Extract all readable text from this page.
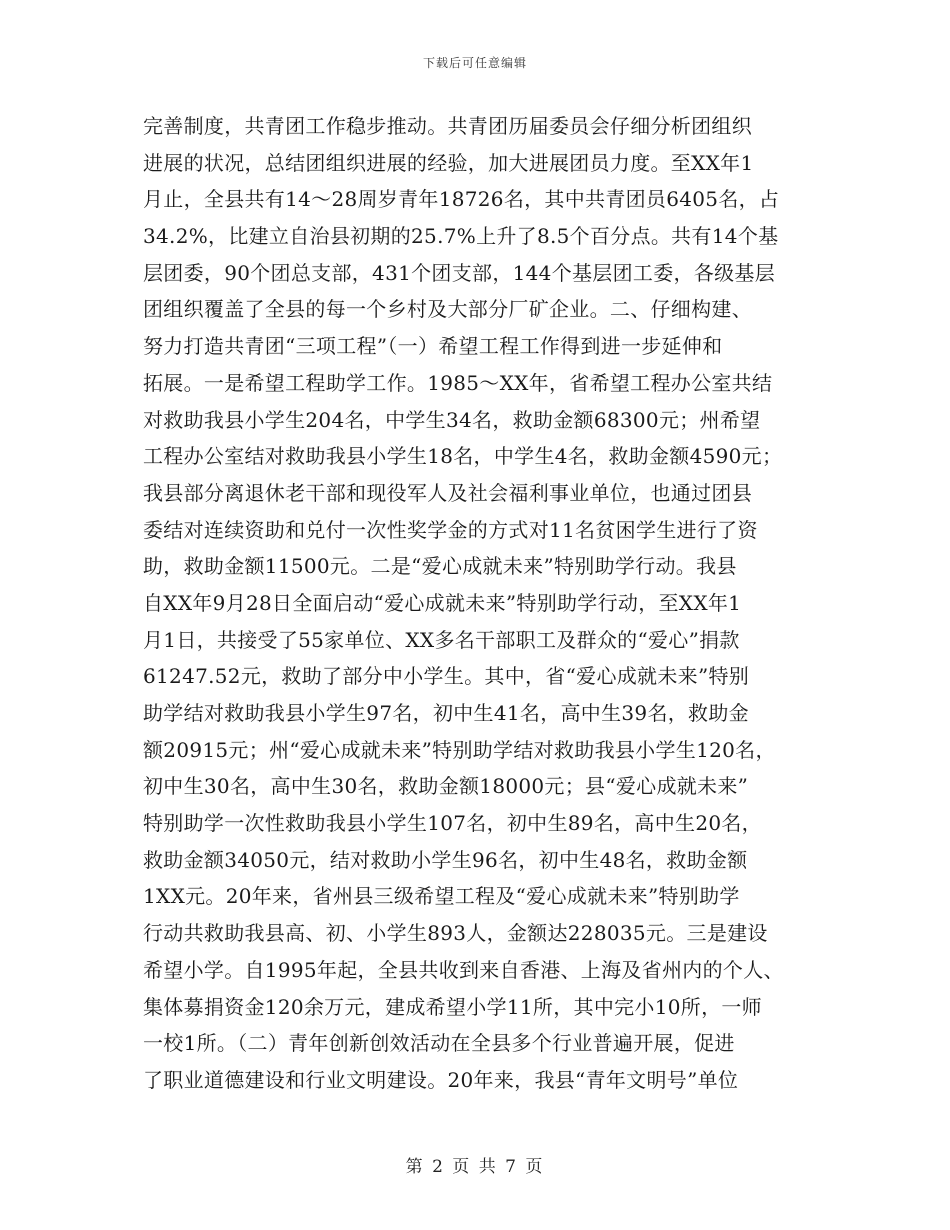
下载后可任意编辑
完善制度，共青团工作稳步推动。共青团历届委员会仔细分析团组织
进展的状况，总结团组织进展的经验，加大进展团员力度。至XX年1
月止，全县共有14～28周岁青年18726名，其中共青团员6405名，占
34.2%，比建立自治县初期的25.7%上升了8.5个百分点。共有14个基
层团委，90个团总支部，431个团支部，144个基层团工委，各级基层
团组织覆盖了全县的每一个乡村及大部分厂矿企业。二、仔细构建、
努力打造共青团“三项工程”（一）希望工程工作得到进一步延伸和
拓展。一是希望工程助学工作。1985～XX年，省希望工程办公室共结
对救助我县小学生204名，中学生34名，救助金额68300元；州希望
工程办公室结对救助我县小学生18名，中学生4名，救助金额4590元；
我县部分离退休老干部和现役军人及社会福利事业单位，也通过团县
委结对连续资助和兑付一次性奖学金的方式对11名贫困学生进行了资
助，救助金额11500元。二是“爱心成就未来”特别助学行动。我县
自XX年9月28日全面启动“爱心成就未来”特别助学行动，至XX年1
月1日，共接受了55家单位、XX多名干部职工及群众的“爱心”捐款
61247.52元，救助了部分中小学生。其中，省“爱心成就未来”特别
助学结对救助我县小学生97名，初中生41名，高中生39名，救助金
额20915元；州“爱心成就未来”特别助学结对救助我县小学生120名，
初中生30名，高中生30名，救助金额18000元；县“爱心成就未来”
特别助学一次性救助我县小学生107名，初中生89名，高中生20名，
救助金额34050元，结对救助小学生96名，初中生48名，救助金额
1XX元。20年来，省州县三级希望工程及“爱心成就未来”特别助学
行动共救助我县高、初、小学生893人，金额达228035元。三是建设
希望小学。自1995年起，全县共收到来自香港、上海及省州内的个人、
集体募捐资金120余万元，建成希望小学11所，其中完小10所，一师
一校1所。（二）青年创新创效活动在全县多个行业普遍开展，促进
了职业道德建设和行业文明建设。20年来，我县“青年文明号”单位
第 2 页 共 7 页
